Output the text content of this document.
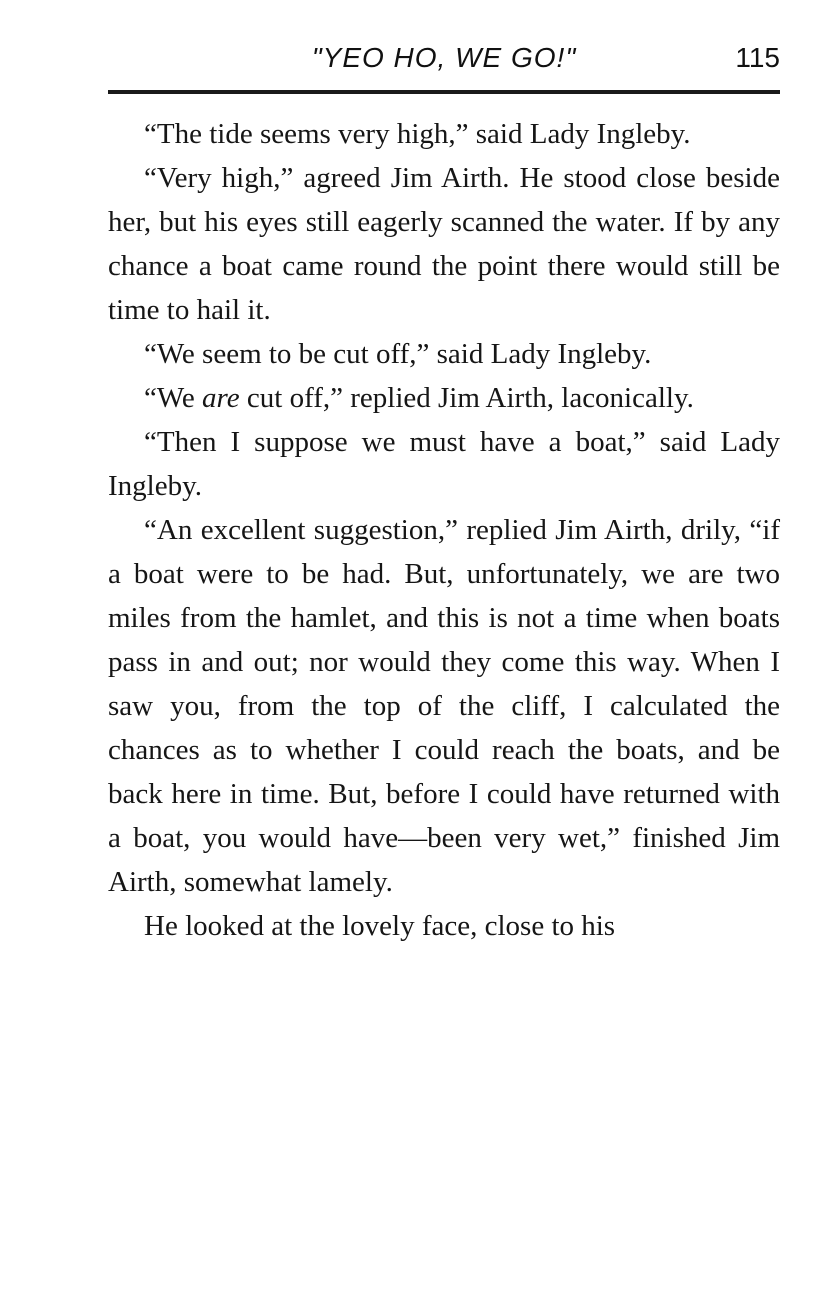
"YEO HO, WE GO!"	115

“The tide seems very high,” said Lady Ingleby.

“Very high,” agreed Jim Airth. He stood close beside her, but his eyes still eagerly scanned the water. If by any chance a boat came round the point there would still be time to hail it.

“We seem to be cut off,” said Lady Ingleby.

“We are cut off,” replied Jim Airth, laconically.

“Then I suppose we must have a boat,” said Lady Ingleby.

“An excellent suggestion,” replied Jim Airth, drily, “if a boat were to be had. But, unfortunately, we are two miles from the hamlet, and this is not a time when boats pass in and out; nor would they come this way. When I saw you, from the top of the cliff, I calculated the chances as to whether I could reach the boats, and be back here in time. But, before I could have returned with a boat, you would have—been very wet,” finished Jim Airth, somewhat lamely.

He looked at the lovely face, close to his
